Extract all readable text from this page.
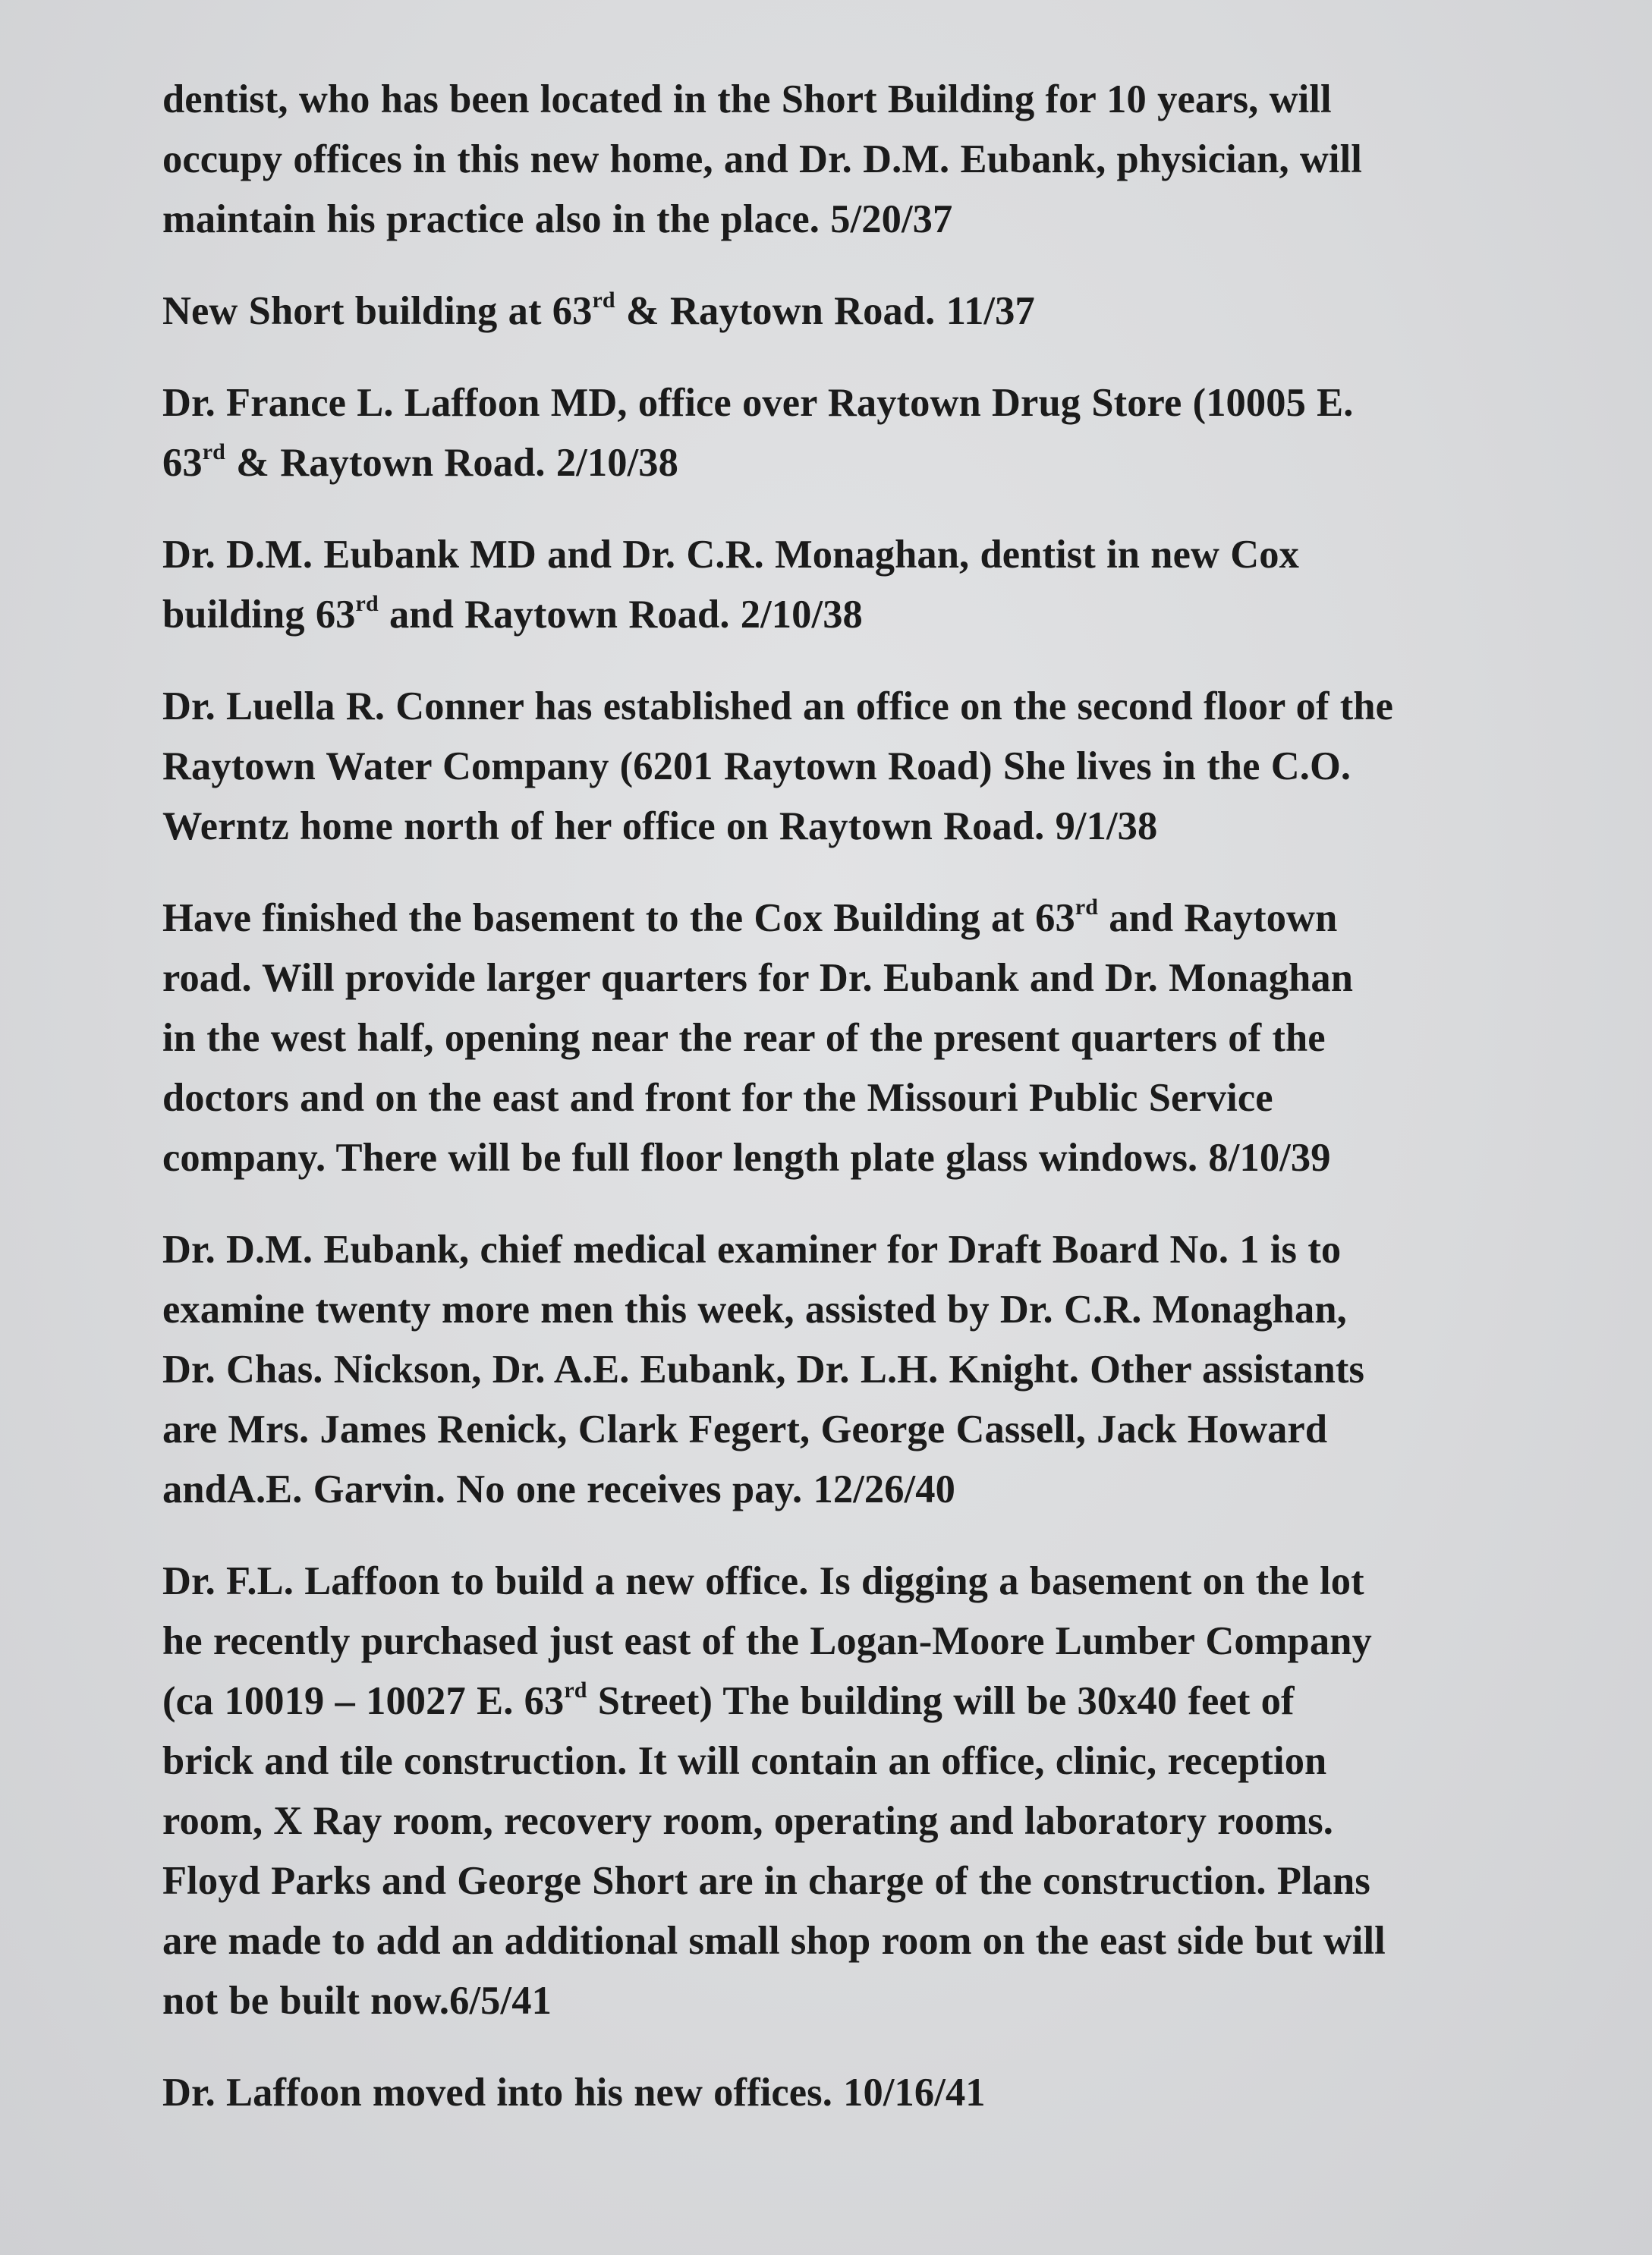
dentist, who has been located in the Short Building for 10 years, will
occupy offices in this new home, and Dr. D.M. Eubank, physician, will
maintain his practice also in the place. 5/20/37
New Short building at 63rd & Raytown Road. 11/37
Dr. France L. Laffoon MD, office over Raytown Drug Store (10005 E.
63rd & Raytown Road. 2/10/38
Dr. D.M. Eubank MD and Dr. C.R. Monaghan, dentist in new Cox
building 63rd and Raytown Road. 2/10/38
Dr. Luella R. Conner has established an office on the second floor of the
Raytown Water Company (6201 Raytown Road) She lives in the C.O.
Werntz home north of her office on Raytown Road. 9/1/38
Have finished the basement to the Cox Building at 63rd and Raytown
road. Will provide larger quarters for Dr. Eubank and Dr. Monaghan
in the west half, opening near the rear of the present quarters of the
doctors and on the east and front for the Missouri Public Service
company. There will be full floor length plate glass windows. 8/10/39
Dr. D.M. Eubank, chief medical examiner for Draft Board No. 1 is to
examine twenty more men this week, assisted by Dr. C.R. Monaghan,
Dr. Chas. Nickson, Dr. A.E. Eubank, Dr. L.H. Knight. Other assistants
are Mrs. James Renick, Clark Fegert, George Cassell, Jack Howard
andA.E. Garvin. No one receives pay. 12/26/40
Dr. F.L. Laffoon to build a new office. Is digging a basement on the lot
he recently purchased just east of the Logan-Moore Lumber Company
(ca 10019 – 10027 E. 63rd Street) The building will be 30x40 feet of
brick and tile construction. It will contain an office, clinic, reception
room, X Ray room, recovery room, operating and laboratory rooms.
Floyd Parks and George Short are in charge of the construction. Plans
are made to add an additional small shop room on the east side but will
not be built now.6/5/41
Dr. Laffoon moved into his new offices. 10/16/41
